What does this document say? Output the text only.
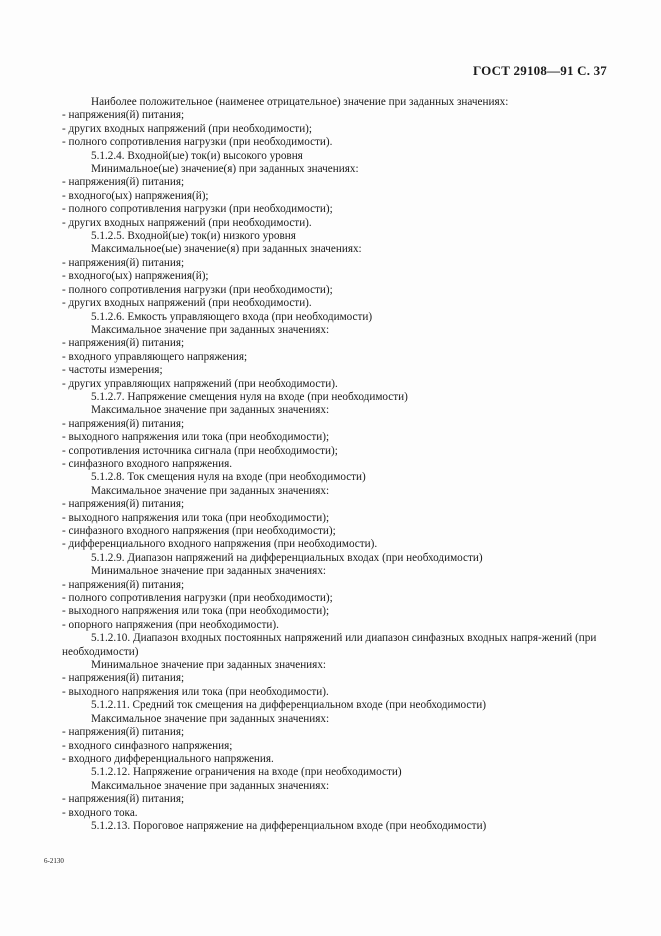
ГОСТ 29108—91 С. 37
Наиболее положительное (наименее отрицательное) значение при заданных значениях:
- напряжения(й) питания;
- других входных напряжений (при необходимости);
- полного сопротивления нагрузки (при необходимости).
5.1.2.4. Входной(ые) ток(и) высокого уровня
Минимальное(ые) значение(я) при заданных значениях:
- напряжения(й) питания;
- входного(ых) напряжения(й);
- полного сопротивления нагрузки (при необходимости);
- других входных напряжений (при необходимости).
5.1.2.5. Входной(ые) ток(и) низкого уровня
Максимальное(ые) значение(я) при заданных значениях:
- напряжения(й) питания;
- входного(ых) напряжения(й);
- полного сопротивления нагрузки (при необходимости);
- других входных напряжений (при необходимости).
5.1.2.6. Емкость управляющего входа (при необходимости)
Максимальное значение при заданных значениях:
- напряжения(й) питания;
- входного управляющего напряжения;
- частоты измерения;
- других управляющих напряжений (при необходимости).
5.1.2.7. Напряжение смещения нуля на входе (при необходимости)
Максимальное значение при заданных значениях:
- напряжения(й) питания;
- выходного напряжения или тока (при необходимости);
- сопротивления источника сигнала (при необходимости);
- синфазного входного напряжения.
5.1.2.8. Ток смещения нуля на входе (при необходимости)
Максимальное значение при заданных значениях:
- напряжения(й) питания;
- выходного напряжения или тока (при необходимости);
- синфазного входного напряжения (при необходимости);
- дифференциального входного напряжения (при необходимости).
5.1.2.9. Диапазон напряжений на дифференциальных входах (при необходимости)
Минимальное значение при заданных значениях:
- напряжения(й) питания;
- полного сопротивления нагрузки (при необходимости);
- выходного напряжения или тока (при необходимости);
- опорного напряжения (при необходимости).
5.1.2.10. Диапазон входных постоянных напряжений или диапазон синфазных входных напря-жений (при необходимости)
Минимальное значение при заданных значениях:
- напряжения(й) питания;
- выходного напряжения или тока (при необходимости).
5.1.2.11. Средний ток смещения на дифференциальном входе (при необходимости)
Максимальное значение при заданных значениях:
- напряжения(й) питания;
- входного синфазного напряжения;
- входного дифференциального напряжения.
5.1.2.12. Напряжение ограничения на входе (при необходимости)
Максимальное значение при заданных значениях:
- напряжения(й) питания;
- входного тока.
5.1.2.13. Пороговое напряжение на дифференциальном входе (при необходимости)
6-2130
